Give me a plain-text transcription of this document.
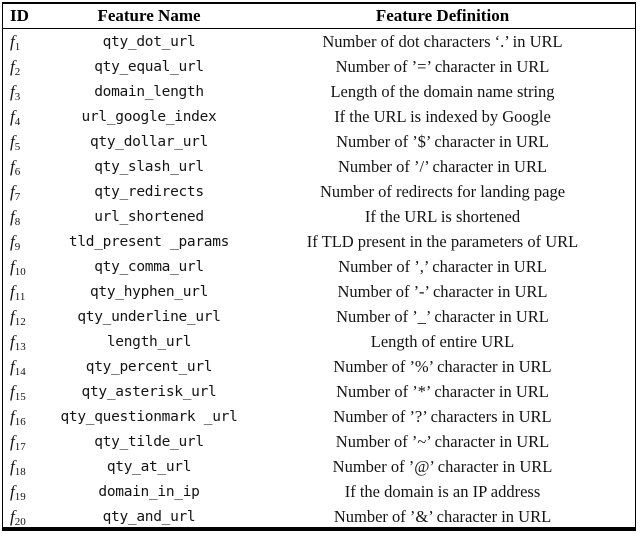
ID	Feature Name	Feature Definition
$f_1$	qty_dot_url	Number of dot characters ‘.’ in URL
$f_2$	qty_equal_url	Number of ’=’ character in URL
$f_3$	domain_length	Length of the domain name string
$f_4$	url_google_index	If the URL is indexed by Google
$f_5$	qty_dollar_url	Number of ’$’ character in URL
$f_6$	qty_slash_url	Number of ’/’ character in URL
$f_7$	qty_redirects	Number of redirects for landing page
$f_8$	url_shortened	If the URL is shortened
$f_9$	tld_present _params	If TLD present in the parameters of URL
$f_{10}$	qty_comma_url	Number of ’,’ character in URL
$f_{11}$	qty_hyphen_url	Number of ’-’ character in URL
$f_{12}$	qty_underline_url	Number of ’_’ character in URL
$f_{13}$	length_url	Length of entire URL
$f_{14}$	qty_percent_url	Number of ’%’ character in URL
$f_{15}$	qty_asterisk_url	Number of ’*’ character in URL
$f_{16}$	qty_questionmark _url	Number of ’?’ characters in URL
$f_{17}$	qty_tilde_url	Number of ’~’ character in URL
$f_{18}$	qty_at_url	Number of ’@’ character in URL
$f_{19}$	domain_in_ip	If the domain is an IP address
$f_{20}$	qty_and_url	Number of ’&’ character in URL
